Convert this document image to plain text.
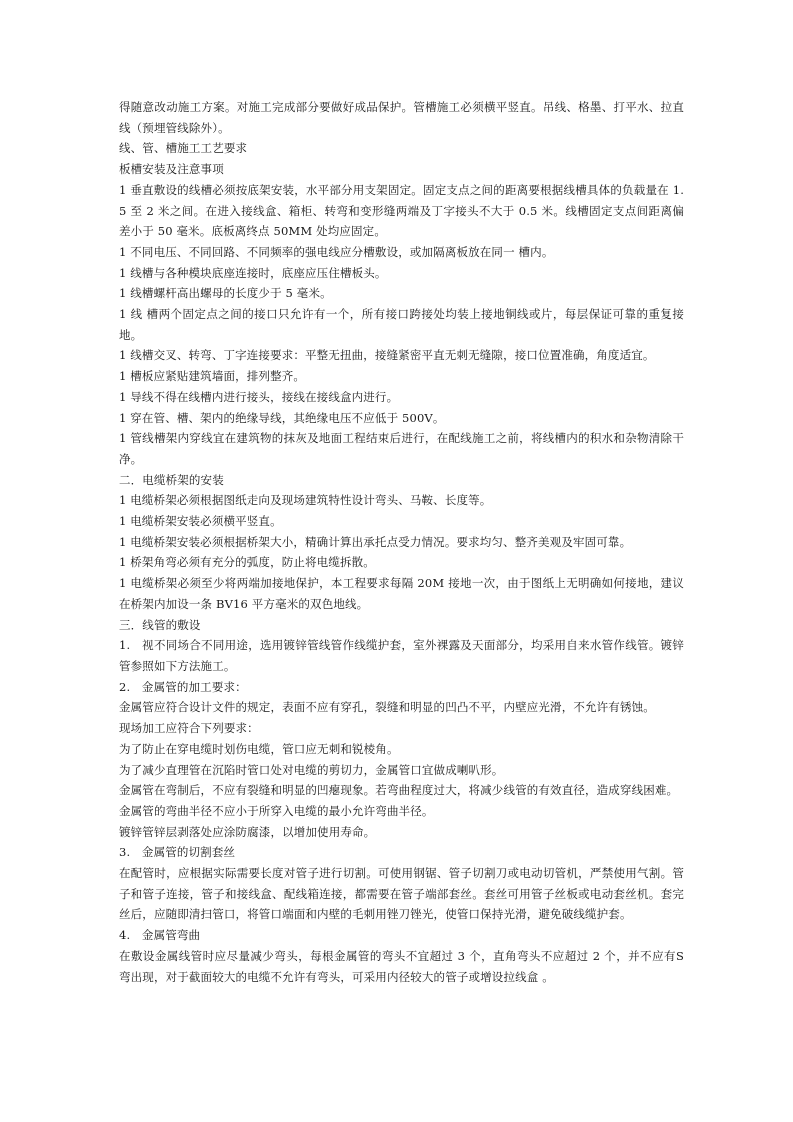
得随意改动施工方案。对施工完成部分要做好成品保护。管槽施工必须横平竖直。吊线、格墨、打平水、拉直线（预埋管线除外）。

线、管、槽施工工艺要求

板槽安装及注意事项

1 垂直敷设的线槽必须按底架安装，水平部分用支架固定。固定支点之间的距离要根据线槽具体的负载量在 1.5 至 2 米之间。在进入接线盒、箱柜、转弯和变形缝两端及丁字接头不大于 0.5 米。线槽固定支点间距离偏差小于 50 毫米。底板离终点 50MM 处均应固定。

1 不同电压、不同回路、不同频率的强电线应分槽敷设，或加隔离板放在同一 槽内。

1 线槽与各种模块底座连接时，底座应压住槽板头。

1 线槽螺杆高出螺母的长度少于 5 毫米。

1 线 槽两个固定点之间的接口只允许有一个，所有接口跨接处均装上接地铜线或片，每层保证可靠的重复接地。

1 线槽交叉、转弯、丁字连接要求：平整无扭曲，接缝紧密平直无刺无缝隙，接口位置准确，角度适宜。

1 槽板应紧贴建筑墙面，排列整齐。

1 导线不得在线槽内进行接头，接线在接线盒内进行。

1 穿在管、槽、架内的绝缘导线，其绝缘电压不应低于 500V。

1 管线槽架内穿线宜在建筑物的抹灰及地面工程结束后进行，在配线施工之前，将线槽内的积水和杂物清除干净。

二．电缆桥架的安装

1 电缆桥架必须根据图纸走向及现场建筑特性设计弯头、马鞍、长度等。

1 电缆桥架安装必须横平竖直。

1 电缆桥架安装必须根据桥架大小，精确计算出承托点受力情况。要求均匀、整齐美观及牢固可靠。

1 桥架角弯必须有充分的弧度，防止将电缆拆散。

1 电缆桥架必须至少将两端加接地保护，本工程要求每隔 20M 接地一次，由于图纸上无明确如何接地，建议在桥架内加设一条 BV16 平方毫米的双色地线。

三．线管的敷设

1.　视不同场合不同用途，选用镀锌管线管作线缆护套，室外裸露及天面部分，均采用自来水管作线管。镀锌管参照如下方法施工。

2.　金属管的加工要求：

金属管应符合设计文件的规定，表面不应有穿孔，裂缝和明显的凹凸不平，内壁应光滑，不允许有锈蚀。

现场加工应符合下列要求：

为了防止在穿电缆时划伤电缆，管口应无刺和锐棱角。

为了减少直理管在沉陷时管口处对电缆的剪切力，金属管口宜做成喇叭形。

金属管在弯制后，不应有裂缝和明显的凹瘪现象。若弯曲程度过大，将减少线管的有效直径，造成穿线困难。

金属管的弯曲半径不应小于所穿入电缆的最小允许弯曲半径。

镀锌管锌层剥落处应涂防腐漆，以增加使用寿命。

3.　金属管的切割套丝

在配管时，应根据实际需要长度对管子进行切割。可使用钢锯、管子切割刀或电动切管机，严禁使用气割。管子和管子连接，管子和接线盒、配线箱连接，都需要在管子端部套丝。套丝可用管子丝板或电动套丝机。套完丝后，应随即清扫管口，将管口端面和内壁的毛刺用锉刀锉光，使管口保持光滑，避免破线缆护套。

4.　金属管弯曲

在敷设金属线管时应尽量减少弯头，每根金属管的弯头不宜超过 3 个，直角弯头不应超过 2 个，并不应有S 弯出现，对于截面较大的电缆不允许有弯头，可采用内径较大的管子或增设拉线盒 。
